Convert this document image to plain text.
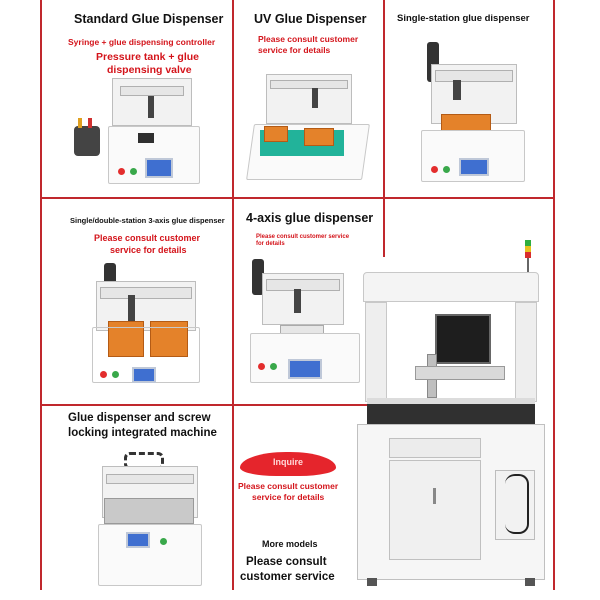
Standard Glue Dispenser
Syringe + glue dispensing controller
Pressure tank + glue
dispensing valve
UV Glue Dispenser
Please consult customer
service for details
Single-station glue dispenser
Single/double-station 3-axis glue dispenser
Please consult customer
service for details
4-axis glue dispenser
Please consult customer service
for details
Glue dispenser and screw
locking integrated machine
Inquire
Please consult customer
service for details
More models
Please consult
customer service
